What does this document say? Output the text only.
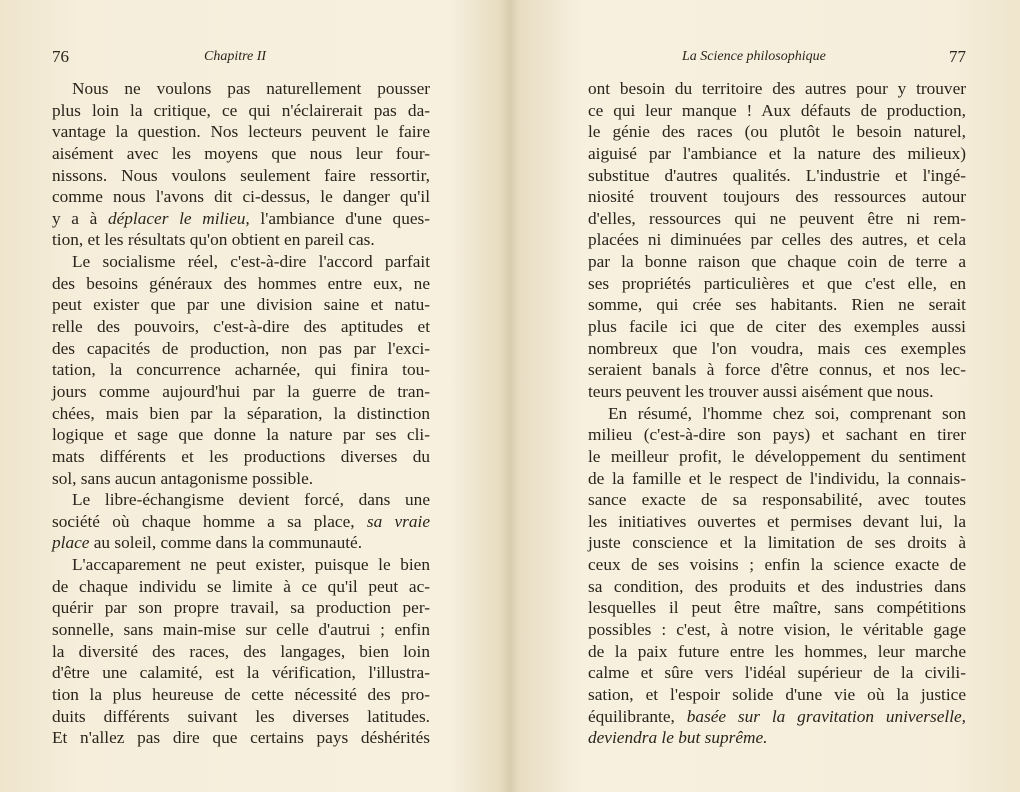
76	Chapitre II
Nous ne voulons pas naturellement pousser
plus loin la critique, ce qui n'éclairerait pas da-
vantage la question. Nos lecteurs peuvent le faire
aisément avec les moyens que nous leur four-
nissons. Nous voulons seulement faire ressortir,
comme nous l'avons dit ci-dessus, le danger qu'il
y a à déplacer le milieu, l'ambiance d'une ques-
tion, et les résultats qu'on obtient en pareil cas.
Le socialisme réel, c'est-à-dire l'accord parfait
des besoins généraux des hommes entre eux, ne
peut exister que par une division saine et natu-
relle des pouvoirs, c'est-à-dire des aptitudes et
des capacités de production, non pas par l'exci-
tation, la concurrence acharnée, qui finira tou-
jours comme aujourd'hui par la guerre de tran-
chées, mais bien par la séparation, la distinction
logique et sage que donne la nature par ses cli-
mats différents et les productions diverses du
sol, sans aucun antagonisme possible.
Le libre-échangisme devient forcé, dans une
société où chaque homme a sa place, sa vraie
place au soleil, comme dans la communauté.
L'accaparement ne peut exister, puisque le bien
de chaque individu se limite à ce qu'il peut ac-
quérir par son propre travail, sa production per-
sonnelle, sans main-mise sur celle d'autrui ; enfin
la diversité des races, des langages, bien loin
d'être une calamité, est la vérification, l'illustra-
tion la plus heureuse de cette nécessité des pro-
duits différents suivant les diverses latitudes.
Et n'allez pas dire que certains pays déshérités
La Science philosophique	77
ont besoin du territoire des autres pour y trouver
ce qui leur manque ! Aux défauts de production,
le génie des races (ou plutôt le besoin naturel,
aiguisé par l'ambiance et la nature des milieux)
substitue d'autres qualités. L'industrie et l'ingé-
niosité trouvent toujours des ressources autour
d'elles, ressources qui ne peuvent être ni rem-
placées ni diminuées par celles des autres, et cela
par la bonne raison que chaque coin de terre a
ses propriétés particulières et que c'est elle, en
somme, qui crée ses habitants. Rien ne serait
plus facile ici que de citer des exemples aussi
nombreux que l'on voudra, mais ces exemples
seraient banals à force d'être connus, et nos lec-
teurs peuvent les trouver aussi aisément que nous.
En résumé, l'homme chez soi, comprenant son
milieu (c'est-à-dire son pays) et sachant en tirer
le meilleur profit, le développement du sentiment
de la famille et le respect de l'individu, la connais-
sance exacte de sa responsabilité, avec toutes
les initiatives ouvertes et permises devant lui, la
juste conscience et la limitation de ses droits à
ceux de ses voisins ; enfin la science exacte de
sa condition, des produits et des industries dans
lesquelles il peut être maître, sans compétitions
possibles : c'est, à notre vision, le véritable gage
de la paix future entre les hommes, leur marche
calme et sûre vers l'idéal supérieur de la civili-
sation, et l'espoir solide d'une vie où la justice
équilibrante, basée sur la gravitation universelle,
deviendra le but suprême.
